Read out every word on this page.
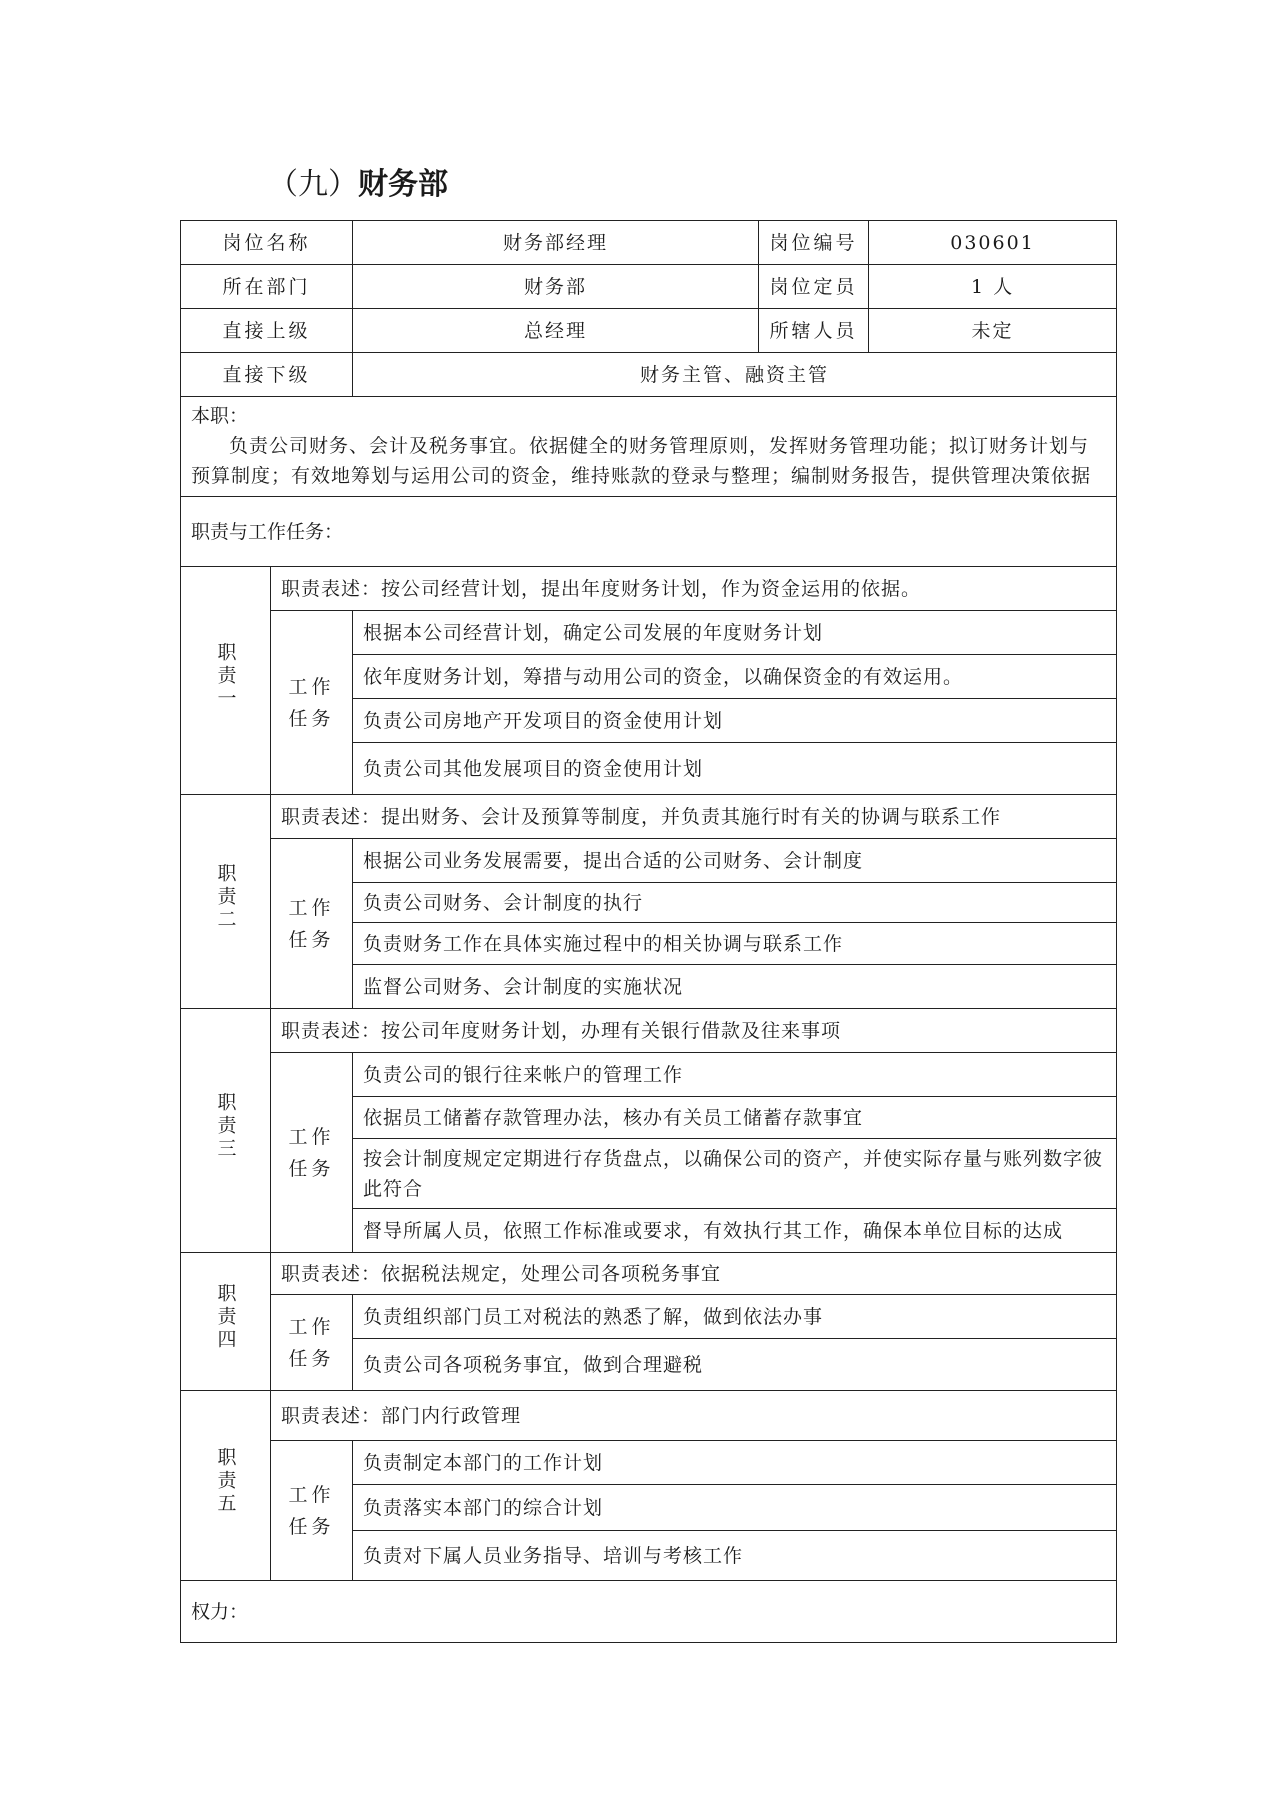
（九）财务部
岗位名称		财务部经理	岗位编号	030601
所在部门		财务部	岗位定员	1 人
直接上级		总经理	所辖人员	未定
直接下级		财务主管、融资主管		

本职：
负责公司财务、会计及税务事宜。依据健全的财务管理原则，发挥财务管理功能；拟订财务计划与
预算制度；有效地筹划与运用公司的资金，维持账款的登录与整理；编制财务报告，提供管理决策依据				

职责与工作任务：				
职责一	职责表述：按公司经营计划，提出年度财务计划，作为资金运用的依据。			
	工作任务	根据本公司经营计划，确定公司发展的年度财务计划		
		依年度财务计划，筹措与动用公司的资金，以确保资金的有效运用。		
		负责公司房地产开发项目的资金使用计划		
		负责公司其他发展项目的资金使用计划		
职责二	职责表述：提出财务、会计及预算等制度，并负责其施行时有关的协调与联系工作			
	工作任务	根据公司业务发展需要，提出合适的公司财务、会计制度		
		负责公司财务、会计制度的执行		
		负责财务工作在具体实施过程中的相关协调与联系工作		
		监督公司财务、会计制度的实施状况		
职责三	职责表述：按公司年度财务计划，办理有关银行借款及往来事项			
	工作任务	负责公司的银行往来帐户的管理工作		
		依据员工储蓄存款管理办法，核办有关员工储蓄存款事宜		
		按会计制度规定定期进行存货盘点，以确保公司的资产，并使实际存量与账列数字彼此符合		
		督导所属人员，依照工作标准或要求，有效执行其工作，确保本单位目标的达成		
职责四	职责表述：依据税法规定，处理公司各项税务事宜			
	工作任务	负责组织部门员工对税法的熟悉了解，做到依法办事		
		负责公司各项税务事宜，做到合理避税		
职责五	职责表述：部门内行政管理			
	工作任务	负责制定本部门的工作计划		
		负责落实本部门的综合计划		
		负责对下属人员业务指导、培训与考核工作		
权力：				
